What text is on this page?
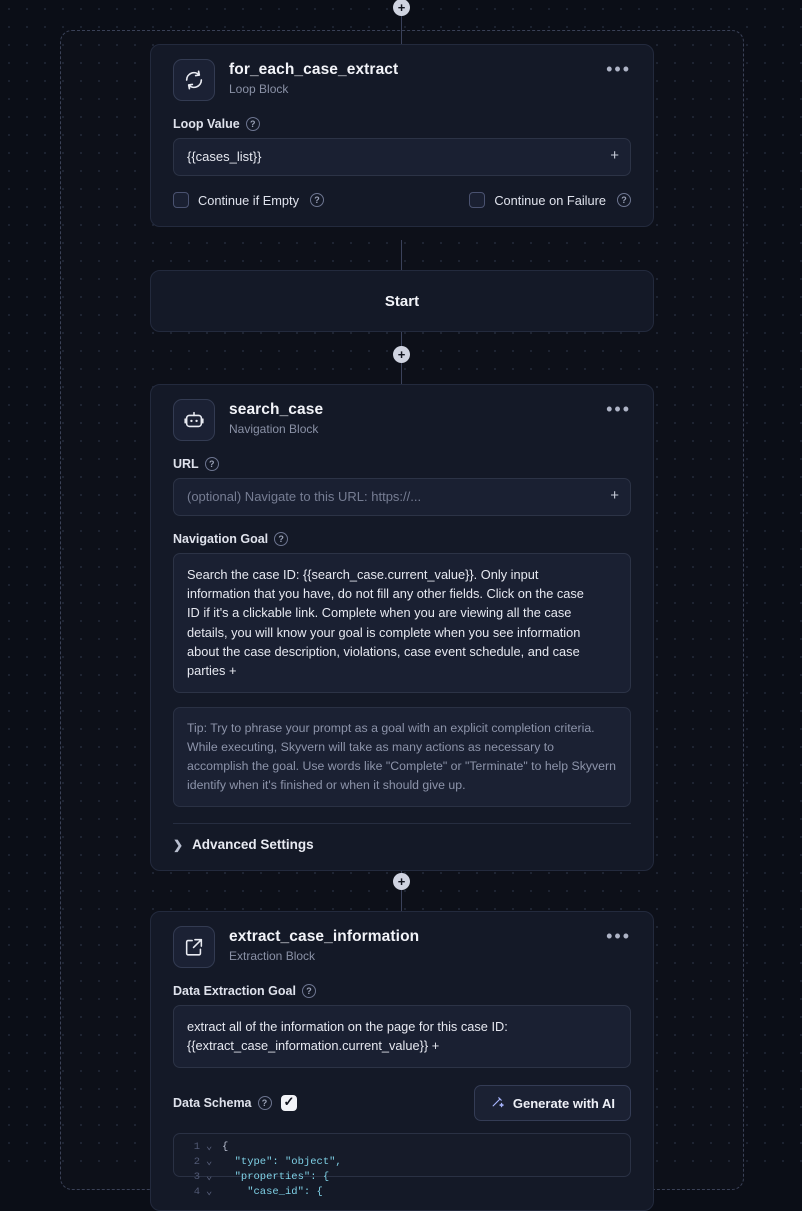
+
+
+
for_each_case_extract
Loop Block
•••
Loop Value	?
{{cases_list}}	+
Continue if Empty	?	Continue on Failure	?
Start
search_case
Navigation Block
•••
URL	?
(optional) Navigate to this URL: https://...	+
Navigation Goal	?
Search the case ID: {{search_case.current_value}}. Only input information that you have, do not fill any other fields. Click on the case ID if it's a clickable link. Complete when you are viewing all the case details, you will know your goal is complete when you see information about the case description, violations, case event schedule, and case parties +
Tip: Try to phrase your prompt as a goal with an explicit completion criteria. While executing, Skyvern will take as many actions as necessary to accomplish the goal. Use words like "Complete" or "Terminate" to help Skyvern identify when it's finished or when it should give up.
❯ Advanced Settings
extract_case_information
Extraction Block
•••
Data Extraction Goal	?
extract all of the information on the page for this case ID: {{extract_case_information.current_value}} +
Data Schema	? ✓	Generate with AI
1 ⌄ {
2 ⌄ "type": "object",
3 ⌄ "properties": {
4 ⌄ "case_id": {
